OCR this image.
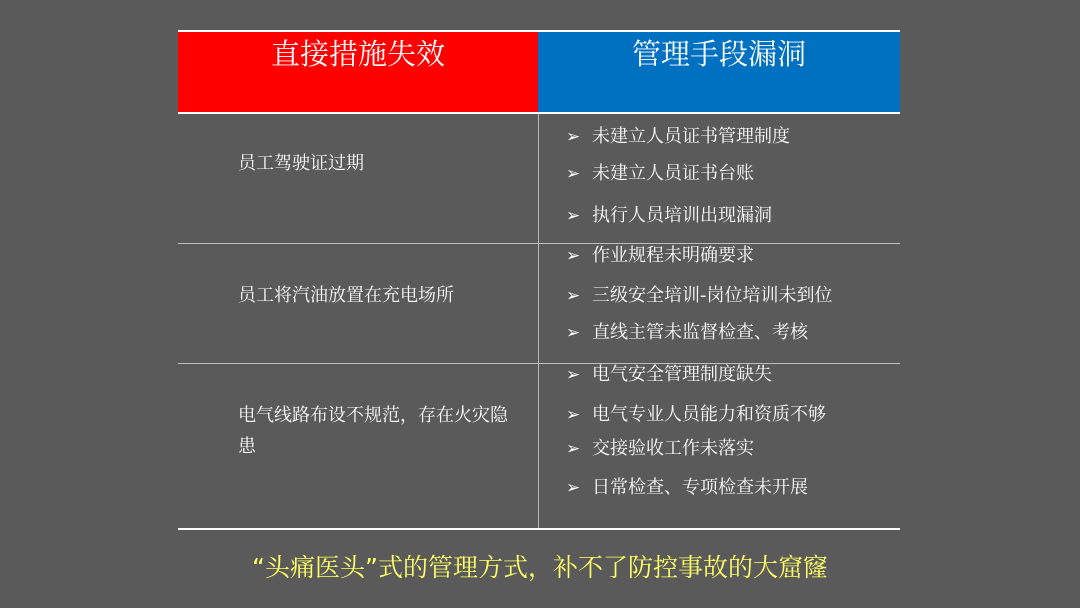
直接措施失效	管理手段漏洞
员工驾驶证过期
➢ 未建立人员证书管理制度
➢ 未建立人员证书台账
➢ 执行人员培训出现漏洞
员工将汽油放置在充电场所
➢ 作业规程未明确要求
➢ 三级安全培训-岗位培训未到位
➢ 直线主管未监督检查、考核
电气线路布设不规范，存在火灾隐患
➢ 电气安全管理制度缺失
➢ 电气专业人员能力和资质不够
➢ 交接验收工作未落实
➢ 日常检查、专项检查未开展
“头痛医头”式的管理方式，补不了防控事故的大窟窿
